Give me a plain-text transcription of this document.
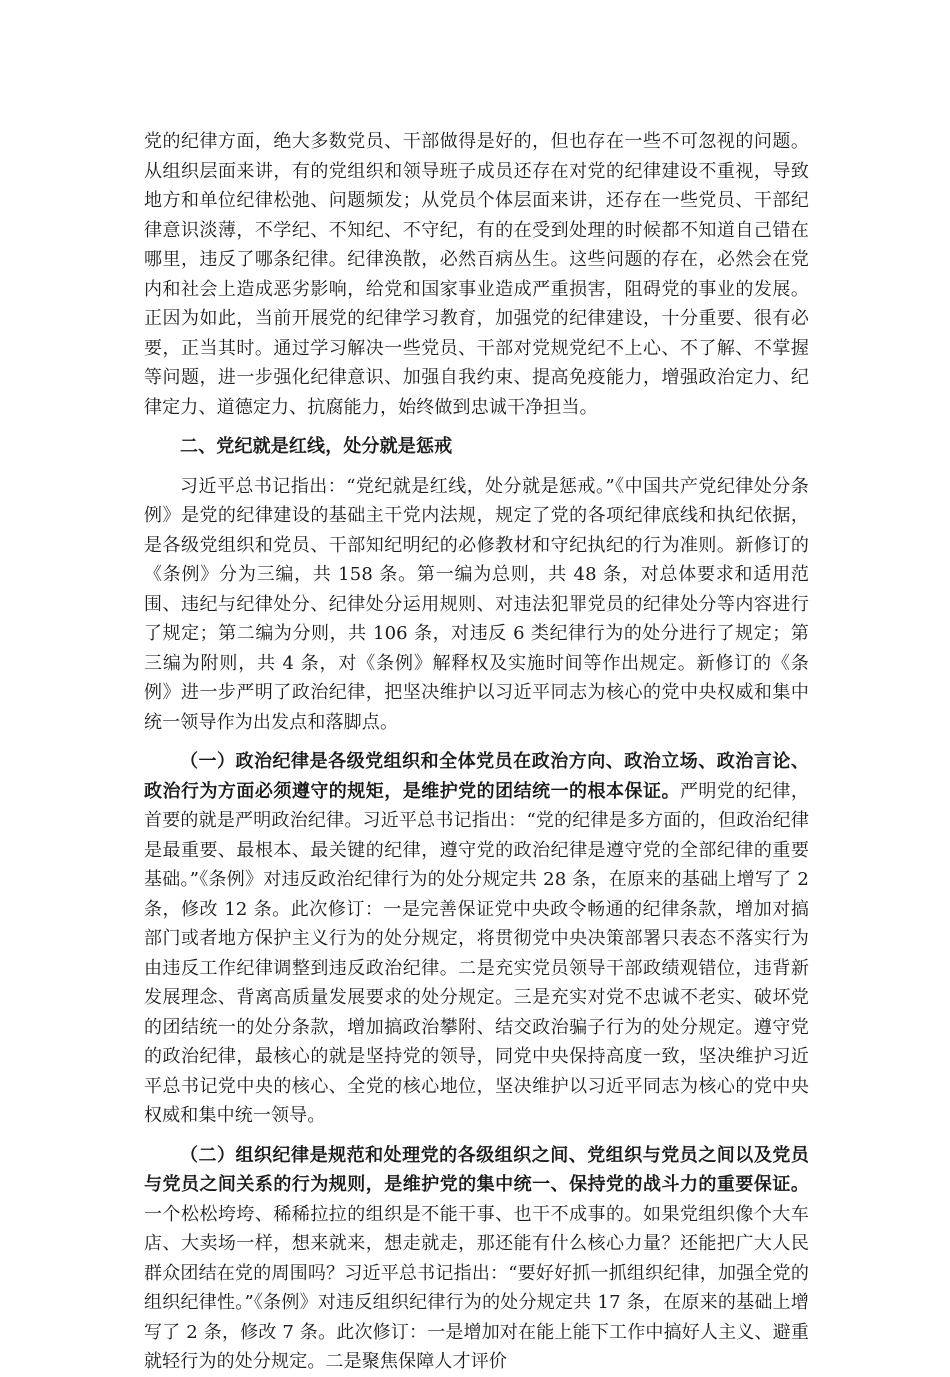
党的纪律方面，绝大多数党员、干部做得是好的，但也存在一些不可忽视的问题。从组织层面来讲，有的党组织和领导班子成员还存在对党的纪律建设不重视，导致地方和单位纪律松弛、问题频发；从党员个体层面来讲，还存在一些党员、干部纪律意识淡薄，不学纪、不知纪、不守纪，有的在受到处理的时候都不知道自己错在哪里，违反了哪条纪律。纪律涣散，必然百病丛生。这些问题的存在，必然会在党内和社会上造成恶劣影响，给党和国家事业造成严重损害，阻碍党的事业的发展。正因为如此，当前开展党的纪律学习教育，加强党的纪律建设，十分重要、很有必要，正当其时。通过学习解决一些党员、干部对党规党纪不上心、不了解、不掌握等问题，进一步强化纪律意识、加强自我约束、提高免疫能力，增强政治定力、纪律定力、道德定力、抗腐能力，始终做到忠诚干净担当。

二、党纪就是红线，处分就是惩戒

习近平总书记指出：“党纪就是红线，处分就是惩戒。”《中国共产党纪律处分条例》是党的纪律建设的基础主干党内法规，规定了党的各项纪律底线和执纪依据，是各级党组织和党员、干部知纪明纪的必修教材和守纪执纪的行为准则。新修订的《条例》分为三编，共 158 条。第一编为总则，共 48 条，对总体要求和适用范围、违纪与纪律处分、纪律处分运用规则、对违法犯罪党员的纪律处分等内容进行了规定；第二编为分则，共 106 条，对违反 6 类纪律行为的处分进行了规定；第三编为附则，共 4 条，对《条例》解释权及实施时间等作出规定。新修订的《条例》进一步严明了政治纪律，把坚决维护以习近平同志为核心的党中央权威和集中统一领导作为出发点和落脚点。

（一）政治纪律是各级党组织和全体党员在政治方向、政治立场、政治言论、政治行为方面必须遵守的规矩，是维护党的团结统一的根本保证。严明党的纪律，首要的就是严明政治纪律。习近平总书记指出：“党的纪律是多方面的，但政治纪律是最重要、最根本、最关键的纪律，遵守党的政治纪律是遵守党的全部纪律的重要基础。”《条例》对违反政治纪律行为的处分规定共 28 条，在原来的基础上增写了 2 条，修改 12 条。此次修订：一是完善保证党中央政令畅通的纪律条款，增加对搞部门或者地方保护主义行为的处分规定，将贯彻党中央决策部署只表态不落实行为由违反工作纪律调整到违反政治纪律。二是充实党员领导干部政绩观错位，违背新发展理念、背离高质量发展要求的处分规定。三是充实对党不忠诚不老实、破坏党的团结统一的处分条款，增加搞政治攀附、结交政治骗子行为的处分规定。遵守党的政治纪律，最核心的就是坚持党的领导，同党中央保持高度一致，坚决维护习近平总书记党中央的核心、全党的核心地位，坚决维护以习近平同志为核心的党中央权威和集中统一领导。

（二）组织纪律是规范和处理党的各级组织之间、党组织与党员之间以及党员与党员之间关系的行为规则，是维护党的集中统一、保持党的战斗力的重要保证。一个松松垮垮、稀稀拉拉的组织是不能干事、也干不成事的。如果党组织像个大车店、大卖场一样，想来就来，想走就走，那还能有什么核心力量？还能把广大人民群众团结在党的周围吗？习近平总书记指出：“要好好抓一抓组织纪律，加强全党的组织纪律性。”《条例》对违反组织纪律行为的处分规定共 17 条，在原来的基础上增写了 2 条，修改 7 条。此次修订：一是增加对在能上能下工作中搞好人主义、避重就轻行为的处分规定。二是聚焦保障人才评价
